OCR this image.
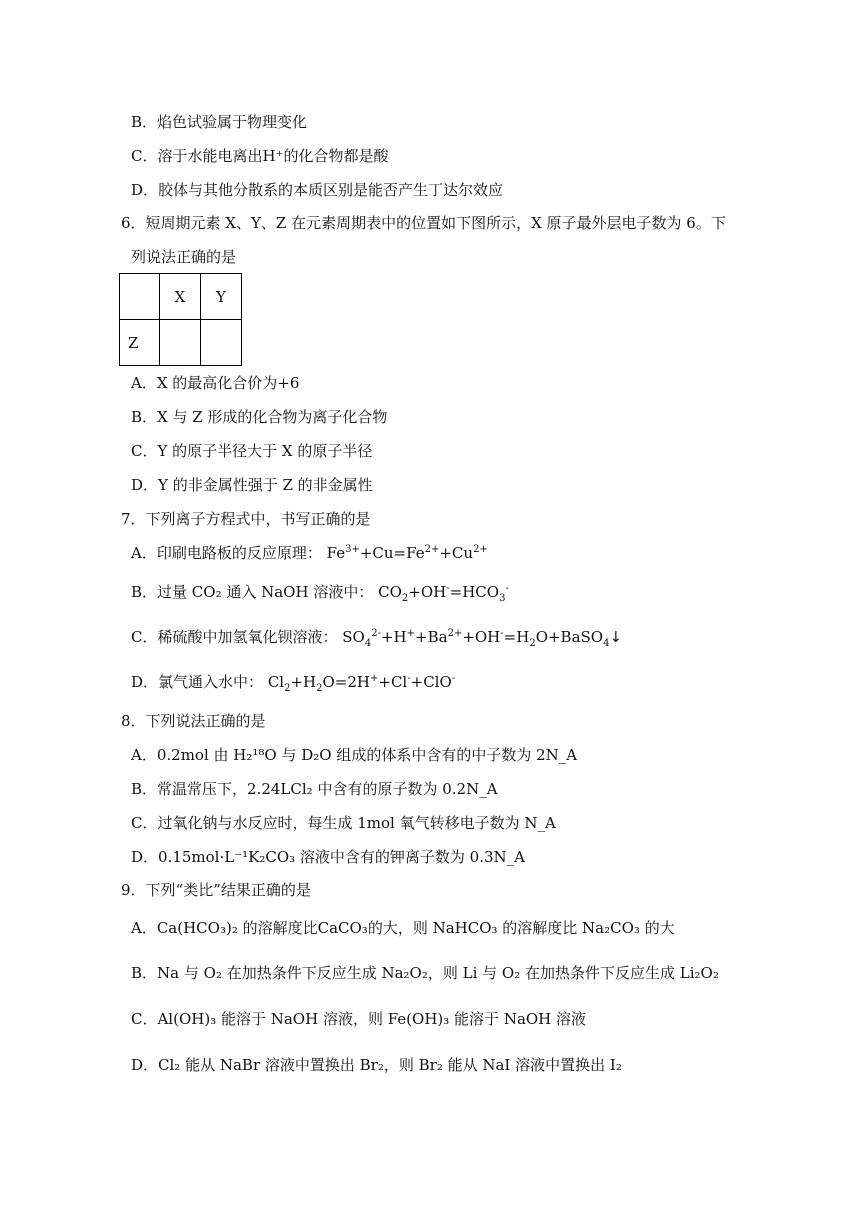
B．焰色试验属于物理变化
C．溶于水能电离出H⁺的化合物都是酸
D．胶体与其他分散系的本质区别是能否产生丁达尔效应
6．短周期元素 X、Y、Z 在元素周期表中的位置如下图所示，X 原子最外层电子数为 6。下
列说法正确的是
	X	Y
Z		
A．X 的最高化合价为+6
B．X 与 Z 形成的化合物为离子化合物
C．Y 的原子半径大于 X 的原子半径
D．Y 的非金属性强于 Z 的非金属性
7．下列离子方程式中，书写正确的是
A．印刷电路板的反应原理： $Fe^{3+}+Cu=Fe^{2+}+Cu^{2+}$
B．过量 CO₂ 通入 NaOH 溶液中： $CO_2+OH^-=HCO_3^-$
C．稀硫酸中加氢氧化钡溶液： $SO_4^{2-}+H^++Ba^{2+}+OH^-=H_2O+BaSO_4↓$
D．氯气通入水中： $Cl_2+H_2O=2H^++Cl^-+ClO^-$
8．下列说法正确的是
A．0.2mol 由 H₂¹⁸O 与 D₂O 组成的体系中含有的中子数为 2N_A
B．常温常压下，2.24LCl₂ 中含有的原子数为 0.2N_A
C．过氧化钠与水反应时，每生成 1mol 氧气转移电子数为 N_A
D．0.15mol·L⁻¹K₂CO₃ 溶液中含有的钾离子数为 0.3N_A
9．下列“类比”结果正确的是
A．Ca(HCO₃)₂ 的溶解度比CaCO₃的大，则 NaHCO₃ 的溶解度比 Na₂CO₃ 的大
B．Na 与 O₂ 在加热条件下反应生成 Na₂O₂，则 Li 与 O₂ 在加热条件下反应生成 Li₂O₂
C．Al(OH)₃ 能溶于 NaOH 溶液，则 Fe(OH)₃ 能溶于 NaOH 溶液
D．Cl₂ 能从 NaBr 溶液中置换出 Br₂，则 Br₂ 能从 NaI 溶液中置换出 I₂
